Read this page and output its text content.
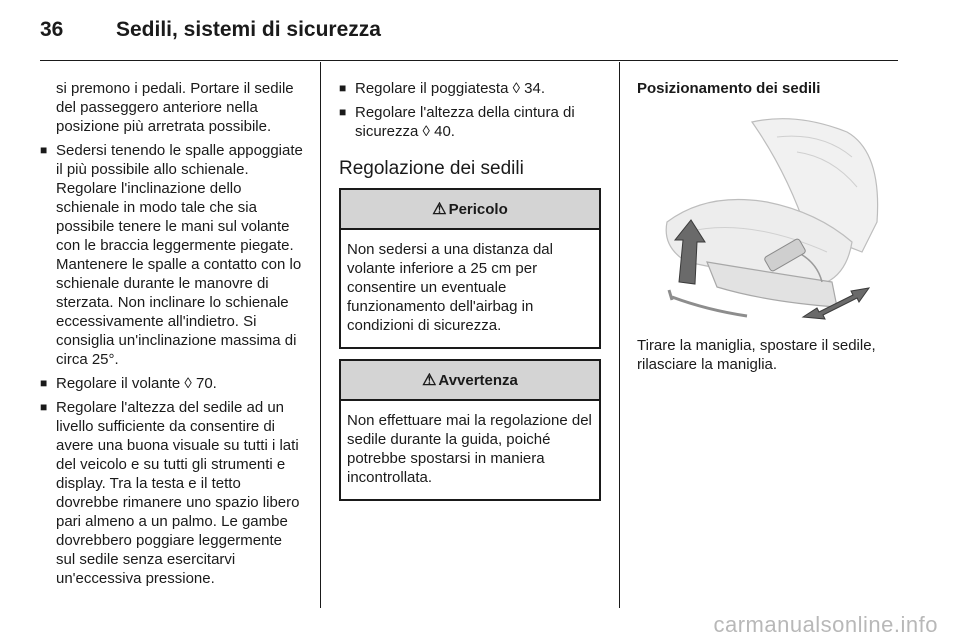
36	Sedili, sistemi di sicurezza

si premono i pedali. Portare il sedile del passeggero anteriore nella posizione più arretrata possibile.

■ Sedersi tenendo le spalle appoggiate il più possibile allo schienale. Regolare l'inclinazione dello schienale in modo tale che sia possibile tenere le mani sul volante con le braccia leggermente piegate. Mantenere le spalle a contatto con lo schienale durante le manovre di sterzata. Non inclinare lo schienale eccessivamente all'indietro. Si consiglia un'inclinazione massima di circa 25°.
■ Regolare il volante ◊ 70.
■ Regolare l'altezza del sedile ad un livello sufficiente da consentire di avere una buona visuale su tutti i lati del veicolo e su tutti gli strumenti e display. Tra la testa e il tetto dovrebbe rimanere uno spazio libero pari almeno a un palmo. Le gambe dovrebbero poggiare leggermente sul sedile senza esercitarvi un'eccessiva pressione.
■ Regolare il poggiatesta ◊ 34.
■ Regolare l'altezza della cintura di sicurezza ◊ 40.
Regolazione dei sedili
⚠ Pericolo
Non sedersi a una distanza dal volante inferiore a 25 cm per consentire un eventuale funzionamento dell'airbag in condizioni di sicurezza.
⚠ Avvertenza
Non effettuare mai la regolazione del sedile durante la guida, poiché potrebbe spostarsi in maniera incontrollata.
Posizionamento dei sedili

Tirare la maniglia, spostare il sedile, rilasciare la maniglia.

carmanualsonline.info
